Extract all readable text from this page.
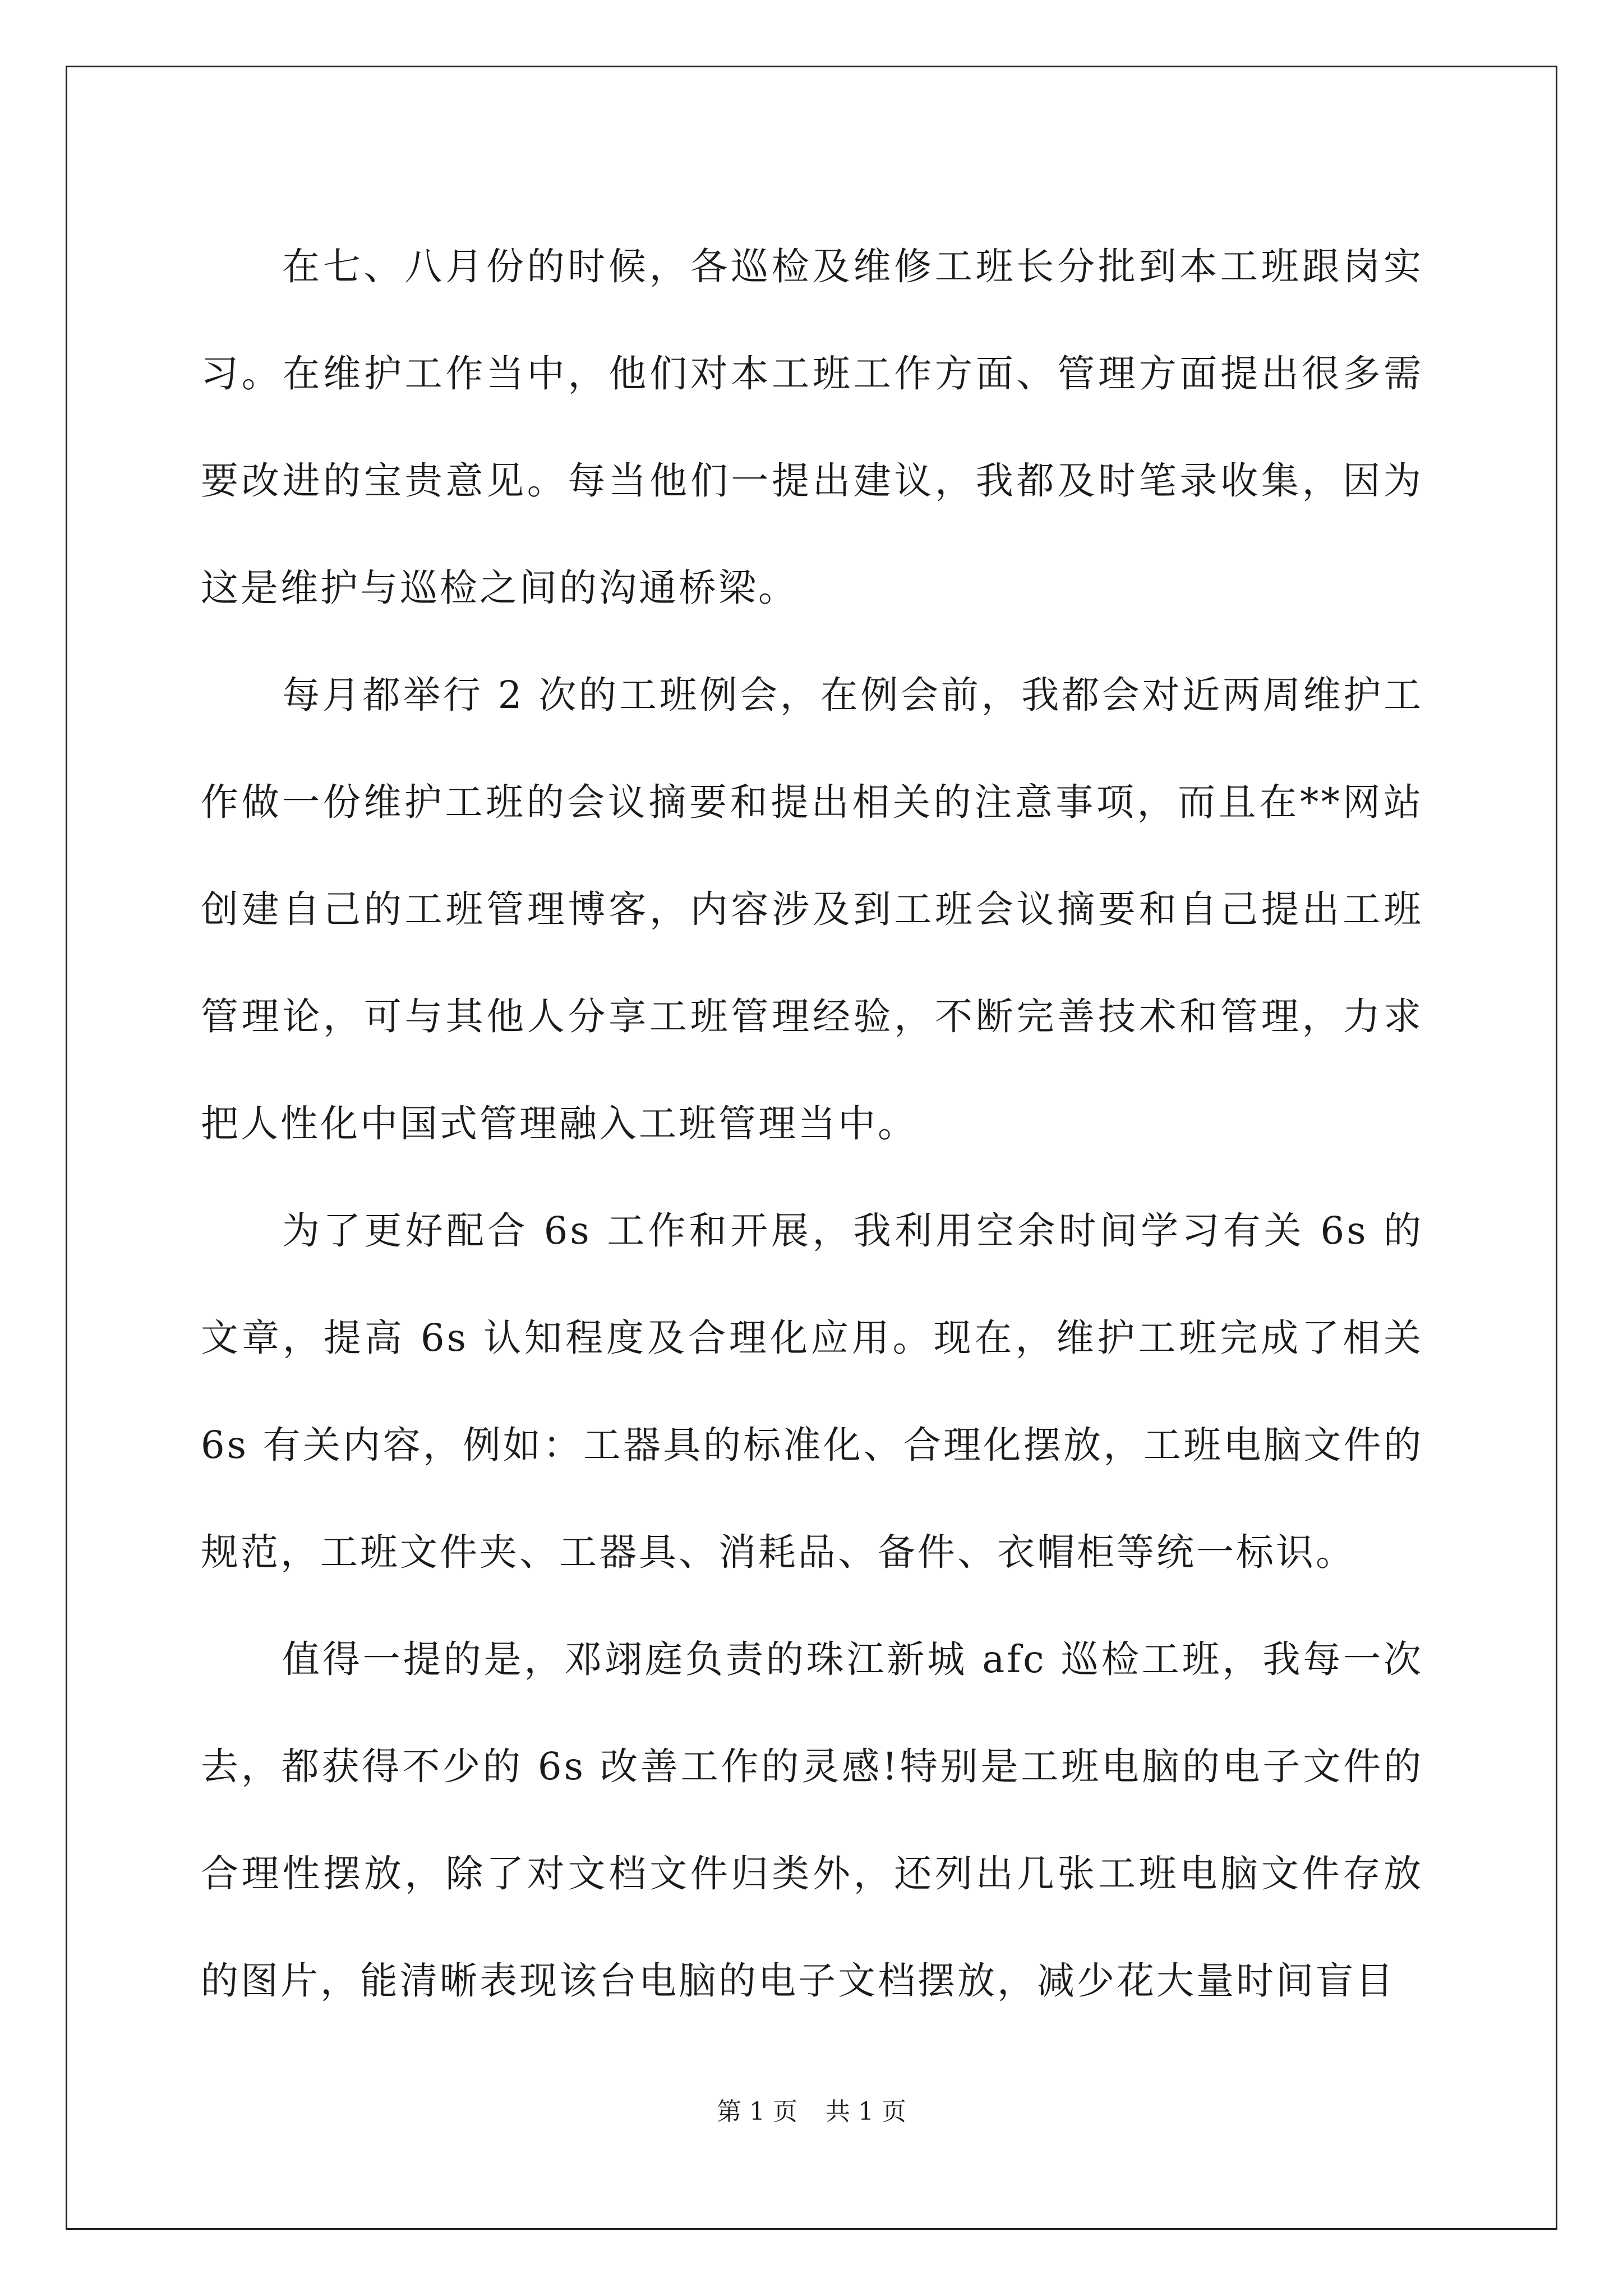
在七、八月份的时候，各巡检及维修工班长分批到本工班跟岗实习。在维护工作当中，他们对本工班工作方面、管理方面提出很多需要改进的宝贵意见。每当他们一提出建议，我都及时笔录收集，因为这是维护与巡检之间的沟通桥梁。

每月都举行 2 次的工班例会，在例会前，我都会对近两周维护工作做一份维护工班的会议摘要和提出相关的注意事项，而且在**网站创建自己的工班管理博客，内容涉及到工班会议摘要和自己提出工班管理论，可与其他人分享工班管理经验，不断完善技术和管理，力求把人性化中国式管理融入工班管理当中。

为了更好配合 6s 工作和开展，我利用空余时间学习有关 6s 的文章，提高 6s 认知程度及合理化应用。现在，维护工班完成了相关 6s 有关内容，例如：工器具的标准化、合理化摆放，工班电脑文件的规范，工班文件夹、工器具、消耗品、备件、衣帽柜等统一标识。

值得一提的是，邓翊庭负责的珠江新城 afc 巡检工班，我每一次去，都获得不少的 6s 改善工作的灵感!特别是工班电脑的电子文件的合理性摆放，除了对文档文件归类外，还列出几张工班电脑文件存放的图片，能清晰表现该台电脑的电子文档摆放，减少花大量时间盲目

第 1 页 共 1 页
